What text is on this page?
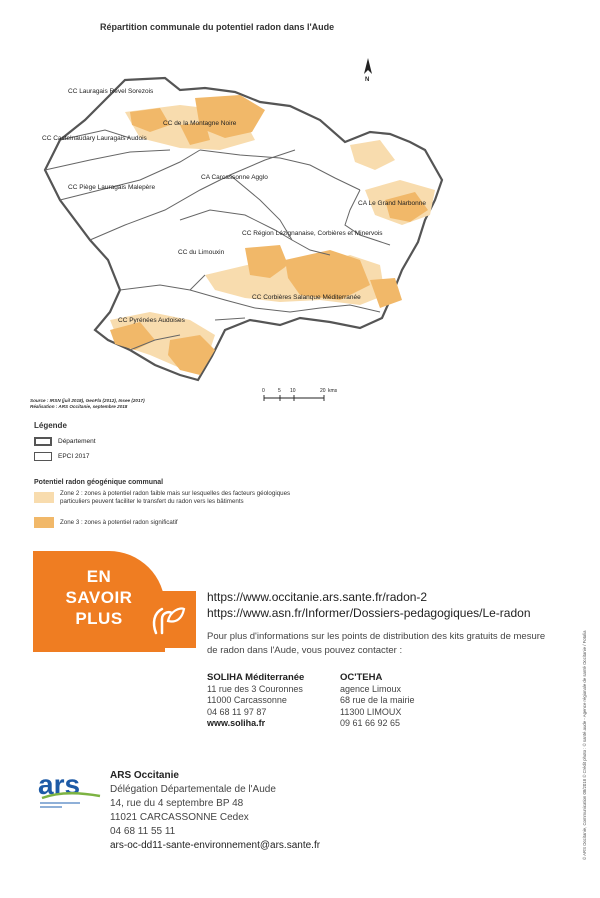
Répartition communale du potentiel radon dans l'Aude
CC Lauragais Revel Sorezois
CC de la Montagne Noire
CC Castelnaudary Lauragais Audois
CA Carcassonne Agglo
CC Piège Lauragais Malepère
CA Le Grand Narbonne
CC Région Lézignanaise, Corbières et Minervois
CC du Limouxin
CC Corbières Salanque Méditerranée
CC Pyrénées Audoises
N
Source : IRSN (juil 2018), GeoFla (2012), Insee (2017)
Réalisation : ARS Occitanie, septembre 2018
0	5 10	20 kms
Légende
Département
EPCI 2017
Potentiel radon géogénique communal
Zone 2 : zones à potentiel radon faible mais sur lesquelles des facteurs géologiques
particuliers peuvent faciliter le transfert du radon vers les bâtiments
Zone 3 : zones à potentiel radon significatif
EN
SAVOIR
PLUS
https://www.occitanie.ars.sante.fr/radon-2
https://www.asn.fr/Informer/Dossiers-pedagogiques/Le-radon
Pour plus d'informations sur les points de distribution des kits gratuits de mesure de radon dans l'Aude, vous pouvez contacter :
SOLIHA Méditerranée
11 rue des 3 Couronnes
11000 Carcassonne
04 68 11 97 87
www.soliha.fr
OC'TEHA
agence Limoux
68 rue de la mairie
11300 LIMOUX
09 61 66 92 65
ars	ARS Occitanie
Délégation Départementale de l'Aude
14, rue du 4 septembre BP 48
11021 CARCASSONNE Cedex
04 68 11 55 11
ars-oc-dd11-sante-environnement@ars.sante.fr	© ARS Occitanie, Communication 08/2018 © Crédit photo : © santé.aude - Agence régionale de santé Occitanie / Fotolia
